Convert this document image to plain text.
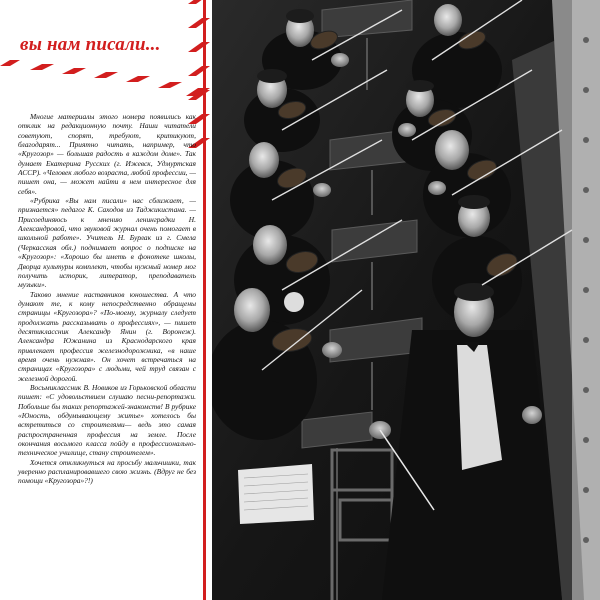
вы нам писали...

Многие материалы этого номера появились как отклик на редакционную почту. Наши читатели советуют, спорят, требуют, критикуют, благодарят... Приятно читать, например, что «Кругозор» — большая радость в каждом доме». Так думает Екатерина Русских (г. Ижевск, Удмуртская АССР). «Человек любого возраста, любой профессии, — пишет она, — может найти в нем интересное для себя».

«Рубрика «Вы нам писали» нас сближает, — признается» педагог К. Саходов из Таджикистана. — Присоединяюсь к мнению ленинградки Н. Александровой, что звуковой журнал очень помогает в школьной работе». Учитель Н. Бурлак из г. Смела (Черкасская обл.) поднимает вопрос о подписке на «Кругозор»: «Хорошо бы иметь в фонотеке школы, Дворца культуры комплект, чтобы нужный номер мог получить историк, литератор, преподаватель музыки».

Таково мнение наставников юношества. А что думают те, к кому непосредственно обращены страницы «Кругозора»? «По-моему, журналу следует продолжать рассказывать о профессиях», — пишет десятиклассник Александр Янин (г. Воронеж). Александра Южанина из Краснодарского края привлекает профессия железнодорожника, «в наше время очень нужная». Он хочет встречаться на страницах «Кругозора» с людьми, чей труд связан с железной дорогой.

Восьмиклассник В. Новиков из Горьковской области пишет: «С удовольствием слушаю песни-репортажи. Побольше бы таких репортажей-знакомств! В рубрике «Юность, обдумывающему житье» хотелось бы встретиться со строителями— ведь это самая распространенная профессия на земле. После окончания восьмого класса пойду в профессионально-техническое училище, стану строителем».

Хочется откликнуться на просьбу мальчишки, так уверенно распланировавшего свою жизнь. (Вдруг не без помощи «Кругозора»?!)
